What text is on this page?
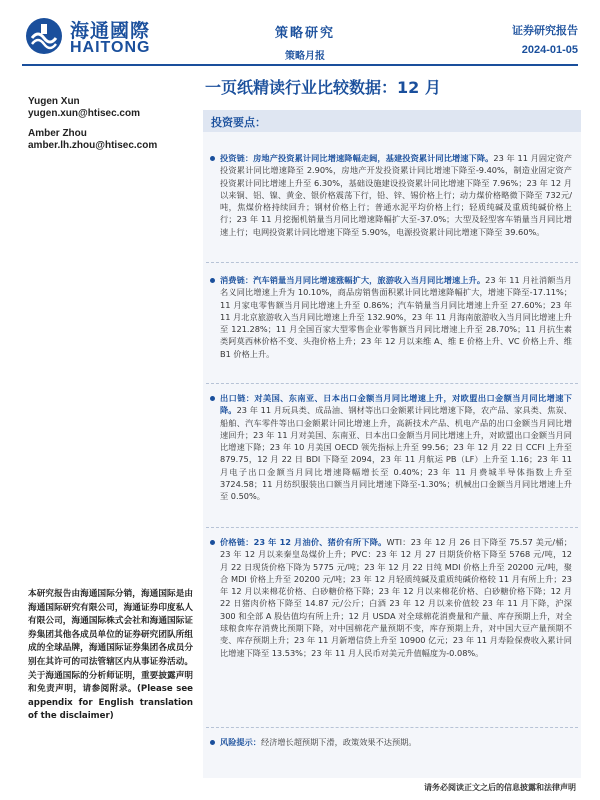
海通國際
HAITONG
策略研究
策略月报
证券研究报告
2024-01-05
一页纸精读行业比较数据：12 月
Yugen Xun
yugen.xun@htisec.com
Amber Zhou
amber.lh.zhou@htisec.com
投资要点：
投资链：房地产投资累计同比增速降幅走阔，基建投资累计同比增速下降。23 年 11 月固定资产投资累计同比增速降至 2.90%，房地产开发投资累计同比增速下降至-9.40%，制造业固定资产投资累计同比增速上升至 6.30%，基础设施建设投资累计同比增速下降至 7.96%；23 年 12 月以来铜、铝、镍、黄金、银价格震荡下行，铅、锌、锡价格上行；动力煤价格略微下降至 732元/吨，焦煤价格持续回升；钢材价格上行；普通水泥平均价格上行；轻质纯碱及重质纯碱价格上行；23 年 11 月挖掘机销量当月同比增速降幅扩大至-37.0%；大型及轻型客车销量当月同比增速上行；电网投资累计同比增速下降至 5.90%，电源投资累计同比增速下降至 39.60%。
消费链：汽车销量当月同比增速涨幅扩大，旅游收入当月同比增速上升。23 年 11 月社消额当月名义同比增速上升为 10.10%，商品房销售面积累计同比增速降幅扩大，增速下降至-17.11%；11 月家电零售额当月同比增速上升至 0.86%；汽车销量当月同比增速上升至 27.60%；23 年 11 月北京旅游收入当月同比增速上升至 132.90%，23 年 11 月海南旅游收入当月同比增速上升至 121.28%；11 月全国百家大型零售企业零售额当月同比增速上升至 28.70%；11 月抗生素类阿莫西林价格不变、头孢价格上升；23 年 12 月以来维 A、维 E 价格上升、VC 价格上升、维 B1 价格上升。
出口链：对美国、东南亚、日本出口金额当月同比增速上升，对欧盟出口金额当月同比增速下降。23 年 11 月玩具类、成品油、钢材等出口金额累计同比增速下降，农产品、家具类、焦炭、船舶、汽车零件等出口金额累计同比增速上升，高新技术产品、机电产品的出口金额当月同比增速回升；23 年 11 月对美国、东南亚、日本出口金额当月同比增速上升，对欧盟出口金额当月同比增速下降；23 年 10 月美国 OECD 领先指标上升至 99.56；23 年 12 月 22 日 CCFI 上升至 879.75，12 月 22 日 BDI 下降至 2094，23 年 11 月航运 PB（LF）上升至 1.16；23 年 11 月电子出口金额当月同比增速降幅增长至 0.40%；23 年 11 月费城半导体指数上升至 3724.58；11 月纺织服装出口额当月同比增速下降至-1.30%；机械出口金额当月同比增速上升至 0.50%。
价格链：23 年 12 月油价、猪价有所下降。WTI：23 年 12 月 26 日下降至 75.57 美元/桶；23 年 12 月以来秦皇岛煤价上升；PVC：23 年 12 月 27 日期货价格下降至 5768 元/吨，12 月 22 日现货价格下降为 5775 元/吨；23 年 12 月 22 日纯 MDI 价格上升至 20200 元/吨，聚合 MDI 价格上升至 20200 元/吨；23 年 12 月轻质纯碱及重质纯碱价格较 11 月有所上升；23 年 12 月以来棉花价格、白砂糖价格下降；23 年 12 月以来棉花价格、白砂糖价格下降；12 月 22 日猪肉价格下降至 14.87 元/公斤；白酒 23 年 12 月以来价值较 23 年 11 月下降，沪深 300 和全部 A 股估值均有所上升；12 月 USDA 对全球棉花消费量和产量、库存预期上升，对全球粮食库存消费比预期下降，对中国棉花产量预期不变，库存预期上升，对中国大豆产量预期不变、库存预期上升；23 年 11 月新增信贷上升至 10900 亿元；23 年 11 月寿险保费收入累计同比增速下降至 13.53%；23 年 11 月人民币对美元升值幅度为-0.08%。
风险提示：经济增长超预期下滑，政策效果不达预期。
本研究报告由海通国际分销，海通国际是由海通国际研究有限公司，海通证券印度私人有限公司，海通国际株式会社和海通国际证券集团其他各成员单位的证券研究团队所组成的全球品牌，海通国际证券集团各成员分别在其许可的司法管辖区内从事证券活动。关于海通国际的分析师证明，重要披露声明和免责声明，请参阅附录。(Please see appendix for English translation of the disclaimer)
请务必阅读正文之后的信息披露和法律声明
